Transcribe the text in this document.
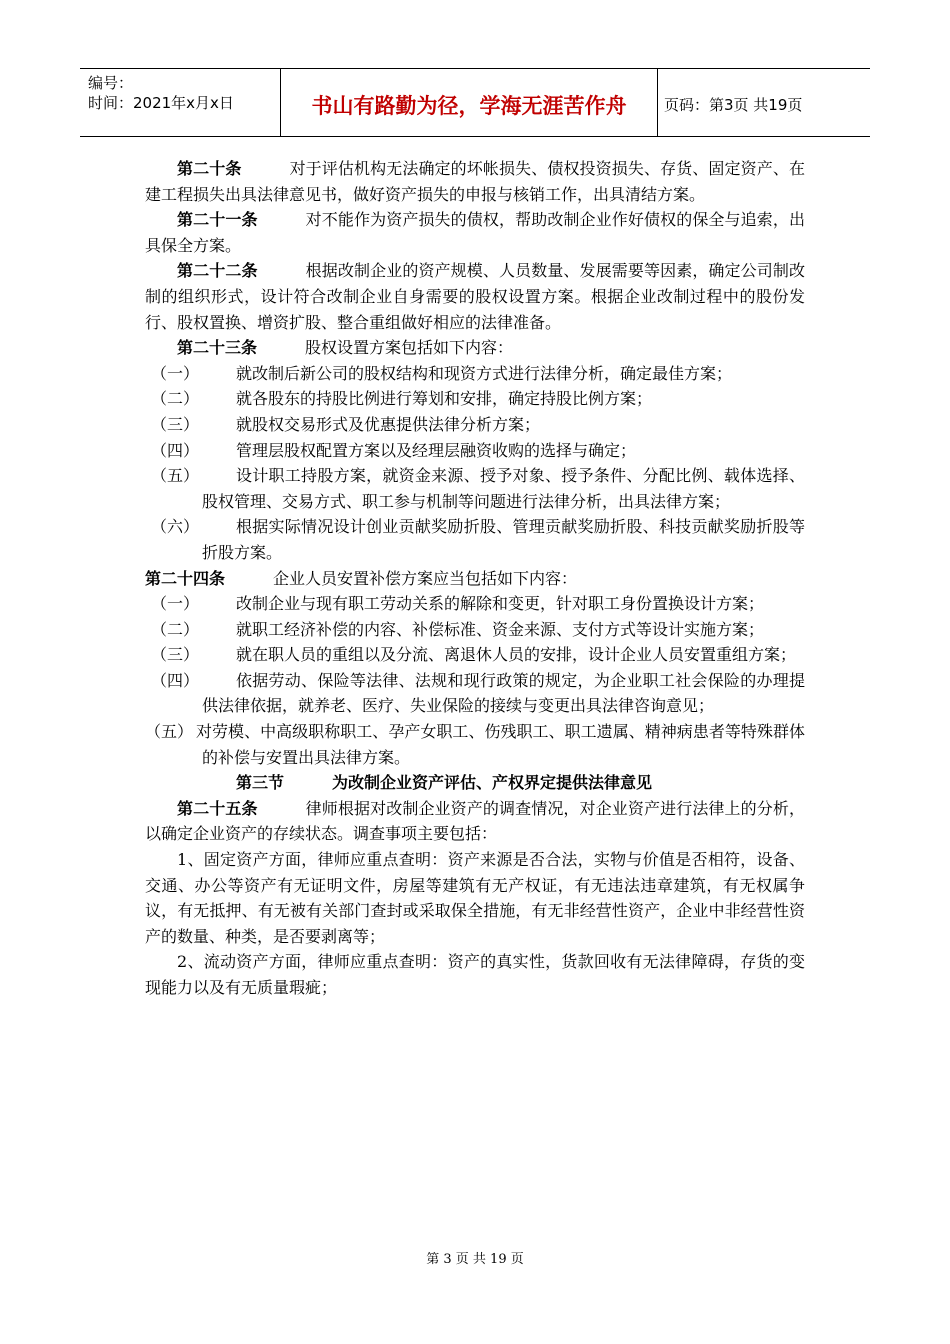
编号：
时间：2021年x月x日	书山有路勤为径，学海无涯苦作舟	页码：第3页 共19页

第二十条	对于评估机构无法确定的坏帐损失、债权投资损失、存货、固定资产、在建工程损失出具法律意见书，做好资产损失的申报与核销工作，出具清结方案。

第二十一条	对不能作为资产损失的债权，帮助改制企业作好债权的保全与追索，出具保全方案。

第二十二条	根据改制企业的资产规模、人员数量、发展需要等因素，确定公司制改制的组织形式，设计符合改制企业自身需要的股权设置方案。根据企业改制过程中的股份发行、股权置换、增资扩股、整合重组做好相应的法律准备。

第二十三条	股权设置方案包括如下内容：

（一） 就改制后新公司的股权结构和现资方式进行法律分析，确定最佳方案；

（二） 就各股东的持股比例进行筹划和安排，确定持股比例方案；

（三） 就股权交易形式及优惠提供法律分析方案；

（四） 管理层股权配置方案以及经理层融资收购的选择与确定；

（五） 设计职工持股方案，就资金来源、授予对象、授予条件、分配比例、载体选择、股权管理、交易方式、职工参与机制等问题进行法律分析，出具法律方案；

（六） 根据实际情况设计创业贡献奖励折股、管理贡献奖励折股、科技贡献奖励折股等折股方案。

第二十四条	企业人员安置补偿方案应当包括如下内容：

（一） 改制企业与现有职工劳动关系的解除和变更，针对职工身份置换设计方案；

（二） 就职工经济补偿的内容、补偿标准、资金来源、支付方式等设计实施方案；

（三） 就在职人员的重组以及分流、离退休人员的安排，设计企业人员安置重组方案；

（四） 依据劳动、保险等法律、法规和现行政策的规定，为企业职工社会保险的办理提供法律依据，就养老、医疗、失业保险的接续与变更出具法律咨询意见；

（五） 对劳模、中高级职称职工、孕产女职工、伤残职工、职工遗属、精神病患者等特殊群体的补偿与安置出具法律方案。

第三节	为改制企业资产评估、产权界定提供法律意见

第二十五条	律师根据对改制企业资产的调查情况，对企业资产进行法律上的分析，以确定企业资产的存续状态。调查事项主要包括：

1、固定资产方面，律师应重点查明：资产来源是否合法，实物与价值是否相符，设备、交通、办公等资产有无证明文件，房屋等建筑有无产权证，有无违法违章建筑，有无权属争议，有无抵押、有无被有关部门查封或采取保全措施，有无非经营性资产，企业中非经营性资产的数量、种类，是否要剥离等；

2、流动资产方面，律师应重点查明：资产的真实性，货款回收有无法律障碍，存货的变现能力以及有无质量瑕疵；

第 3 页 共 19 页
